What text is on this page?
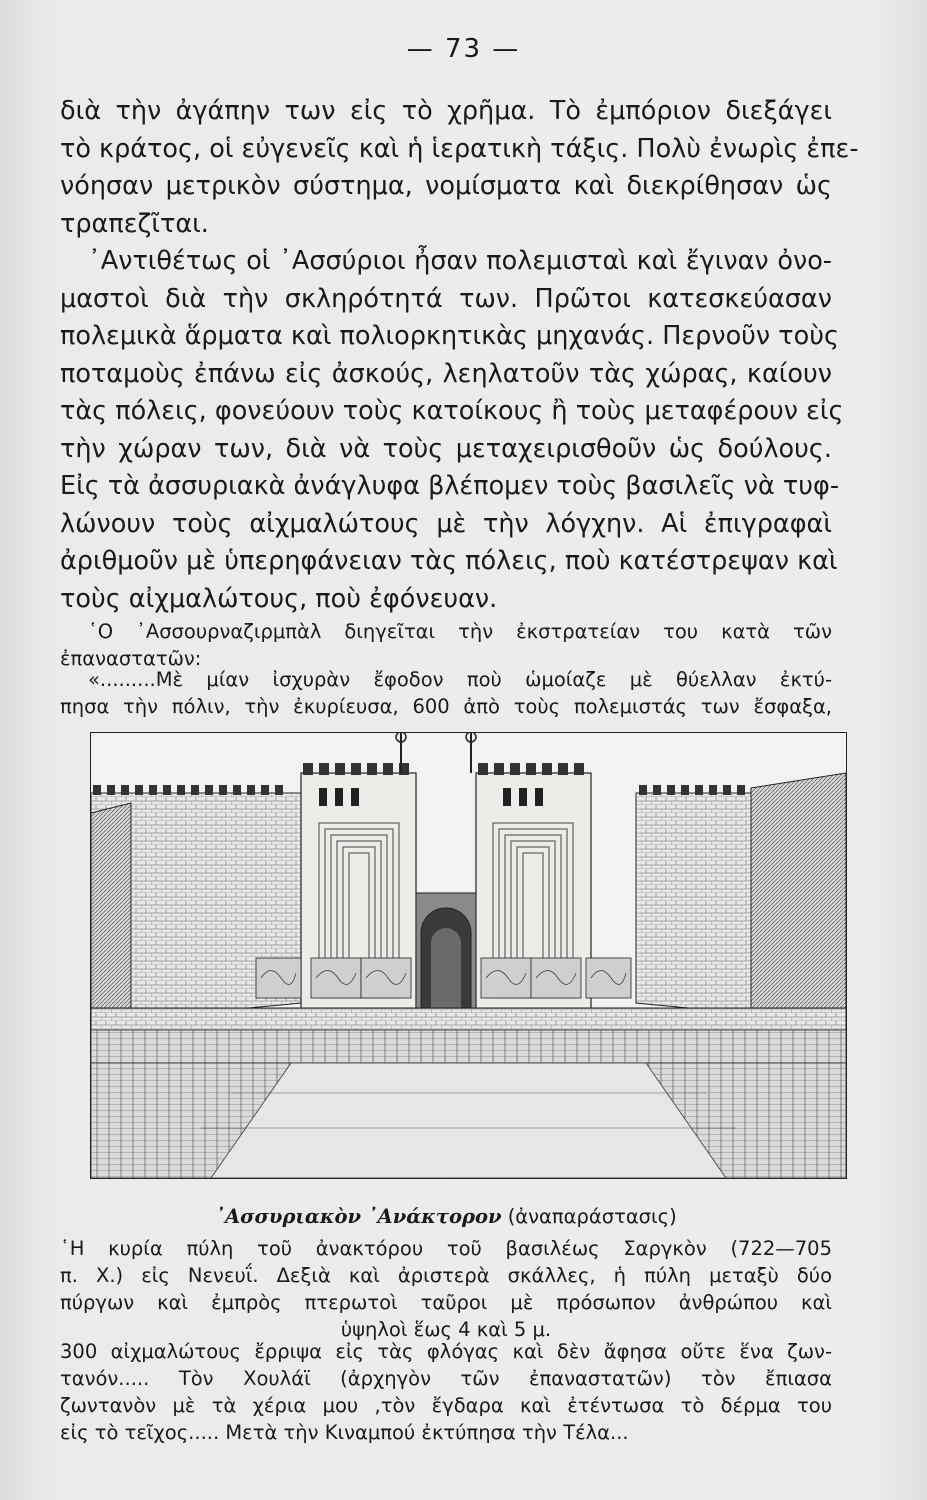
— 73 —
διὰ τὴν ἀγάπην των εἰς τὸ χρῆμα. Τὸ ἐμπόριον διεξάγει
τὸ κράτος, οἱ εὐγενεῖς καὶ ἡ ἱερατικὴ τάξις. Πολὺ ἐνωρὶς ἐπε-
νόησαν μετρικὸν σύστημα, νομίσματα καὶ διεκρίθησαν ὡς
τραπεζῖται.
᾿Αντιθέτως οἱ ᾿Ασσύριοι ἦσαν πολεμισταὶ καὶ ἔγιναν ὀνο-
μαστοὶ διὰ τὴν σκληρότητά των. Πρῶτοι κατεσκεύασαν
πολεμικὰ ἅρματα καὶ πολιορκητικὰς μηχανάς. Περνοῦν τοὺς
ποταμοὺς ἐπάνω εἰς ἀσκούς, λεηλατοῦν τὰς χώρας, καίουν
τὰς πόλεις, φονεύουν τοὺς κατοίκους ἢ τοὺς μεταφέρουν εἰς
τὴν χώραν των, διὰ νὰ τοὺς μεταχειρισθοῦν ὡς δούλους.
Εἰς τὰ ἀσσυριακὰ ἀνάγλυφα βλέπομεν τοὺς βασιλεῖς νὰ τυφ-
λώνουν τοὺς αἰχμαλώτους μὲ τὴν λόγχην. Αἱ ἐπιγραφαὶ
ἀριθμοῦν μὲ ὑπερηφάνειαν τὰς πόλεις, ποὺ κατέστρεψαν καὶ
τοὺς αἰχμαλώτους, ποὺ ἐφόνευαν.
῾Ο ᾿Ασσουρναζιρμπὰλ διηγεῖται τὴν ἐκστρατείαν του κατὰ τῶν
ἐπαναστατῶν:
«.........Μὲ μίαν ἰσχυρὰν ἔφοδον ποὺ ὡμοίαζε μὲ θύελλαν ἐκτύ-
πησα τὴν πόλιν, τὴν ἐκυρίευσα, 600 ἀπὸ τοὺς πολεμιστάς των ἔσφαξα,
᾿Ασσυριακὸν ᾿Ανάκτορον (ἀναπαράστασις)
῾Η κυρία πύλη τοῦ ἀνακτόρου τοῦ βασιλέως Σαργκὸν (722—705
π. Χ.) εἰς Νενευΐ. Δεξιὰ καὶ ἀριστερὰ σκάλλες, ἡ πύλη μεταξὺ δύο
πύργων καὶ ἐμπρὸς πτερωτοὶ ταῦροι μὲ πρόσωπον ἀνθρώπου καὶ
ὑψηλοὶ ἕως 4 καὶ 5 μ.
300 αἰχμαλώτους ἔρριψα εἰς τὰς φλόγας καὶ δὲν ἄφησα οὔτε ἕνα ζων-
τανόν..... Τὸν Χουλάϊ (ἀρχηγὸν τῶν ἐπαναστατῶν) τὸν ἔπιασα
ζωντανὸν μὲ τὰ χέρια μου ,τὸν ἔγδαρα καὶ ἐτέντωσα τὸ δέρμα του
εἰς τὸ τεῖχος..... Μετὰ τὴν Κιναμπού ἐκτύπησα τὴν Τέλα...
